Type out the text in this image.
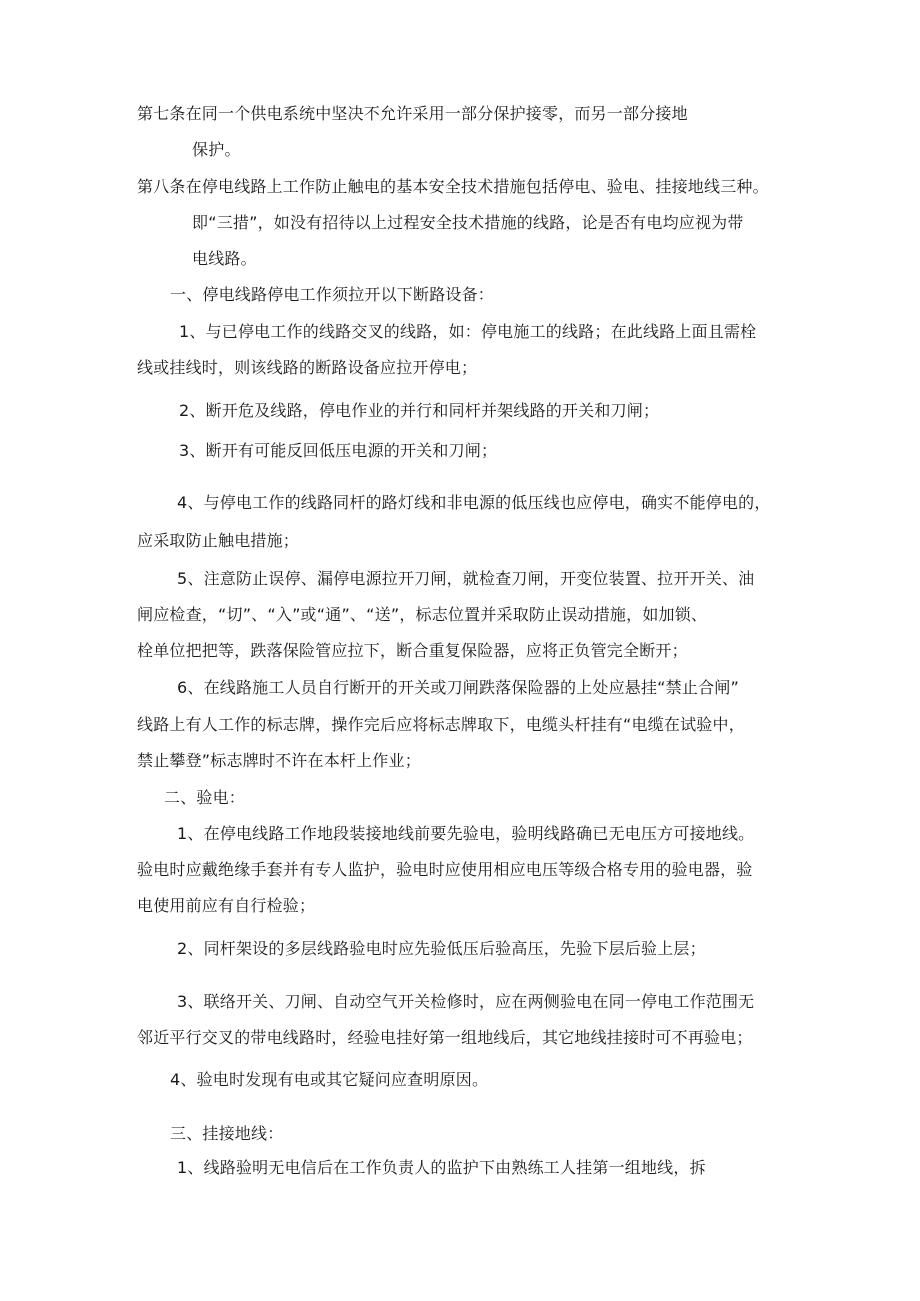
第七条在同一个供电系统中坚决不允许采用一部分保护接零，而另一部分接地
保护。
第八条在停电线路上工作防止触电的基本安全技术措施包括停电、验电、挂接地线三种。
即“三措”，如没有招待以上过程安全技术措施的线路，论是否有电均应视为带
电线路。
一、停电线路停电工作须拉开以下断路设备：
1、与已停电工作的线路交叉的线路，如：停电施工的线路；在此线路上面且需栓
线或挂线时，则该线路的断路设备应拉开停电；
2、断开危及线路，停电作业的并行和同杆并架线路的开关和刀闸；
3、断开有可能反回低压电源的开关和刀闸；
4、与停电工作的线路同杆的路灯线和非电源的低压线也应停电，确实不能停电的，
应采取防止触电措施；
5、注意防止误停、漏停电源拉开刀闸，就检查刀闸，开变位装置、拉开开关、油
闸应检查，“切”、“入”或“通”、“送”，标志位置并采取防止误动措施，如加锁、
栓单位把把等，跌落保险管应拉下，断合重复保险器，应将正负管完全断开；
6、在线路施工人员自行断开的开关或刀闸跌落保险器的上处应悬挂“禁止合闸”
线路上有人工作的标志牌，操作完后应将标志牌取下，电缆头杆挂有“电缆在试验中，
禁止攀登”标志牌时不许在本杆上作业；
二、验电：
1、在停电线路工作地段装接地线前要先验电，验明线路确已无电压方可接地线。
验电时应戴绝缘手套并有专人监护，验电时应使用相应电压等级合格专用的验电器，验
电使用前应有自行检验；
2、同杆架设的多层线路验电时应先验低压后验高压，先验下层后验上层；
3、联络开关、刀闸、自动空气开关检修时，应在两侧验电在同一停电工作范围无
邻近平行交叉的带电线路时，经验电挂好第一组地线后，其它地线挂接时可不再验电；
4、验电时发现有电或其它疑问应查明原因。
三、挂接地线：
1、线路验明无电信后在工作负责人的监护下由熟练工人挂第一组地线，拆
